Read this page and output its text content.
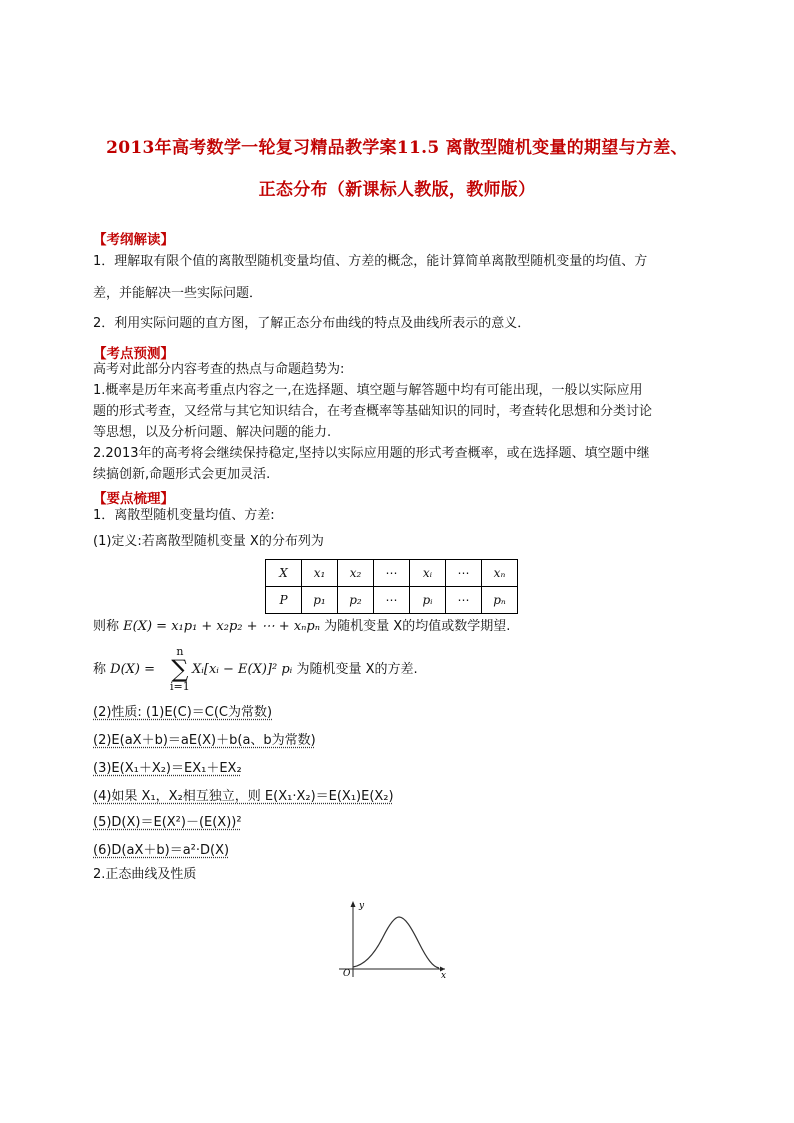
2013年高考数学一轮复习精品教学案11.5 离散型随机变量的期望与方差、
正态分布（新课标人教版，教师版）
【考纲解读】
1．理解取有限个值的离散型随机变量均值、方差的概念，能计算简单离散型随机变量的均值、方
差，并能解决一些实际问题．
2．利用实际问题的直方图，了解正态分布曲线的特点及曲线所表示的意义．
【考点预测】
高考对此部分内容考查的热点与命题趋势为:
1.概率是历年来高考重点内容之一,在选择题、填空题与解答题中均有可能出现，一般以实际应用
题的形式考查，又经常与其它知识结合，在考查概率等基础知识的同时，考查转化思想和分类讨论
等思想，以及分析问题、解决问题的能力.
2.2013年的高考将会继续保持稳定,坚持以实际应用题的形式考查概率，或在选择题、填空题中继
续搞创新,命题形式会更加灵活.
【要点梳理】
1．离散型随机变量均值、方差:
(1)定义:若离散型随机变量 X的分布列为
X	x₁	x₂	⋯	xᵢ	⋯	xₙ
P	p₁	p₂	⋯	pᵢ	⋯	pₙ
则称 E(X) = x₁p₁ + x₂p₂ + ⋯ + xₙpₙ 为随机变量 X的均值或数学期望.
称 D(X) =
n
∑
i=1
Xᵢ[xᵢ − E(X)]² pᵢ 为随机变量 X的方差.
(2)性质: (1)E(C)＝C(C为常数)
(2)E(aX＋b)＝aE(X)＋b(a、b为常数)
(3)E(X₁＋X₂)＝EX₁＋EX₂
(4)如果 X₁，X₂相互独立，则 E(X₁·X₂)＝E(X₁)E(X₂)
(5)D(X)＝E(X²)－(E(X))²
(6)D(aX＋b)＝a²·D(X)
2.正态曲线及性质
y
x
O
